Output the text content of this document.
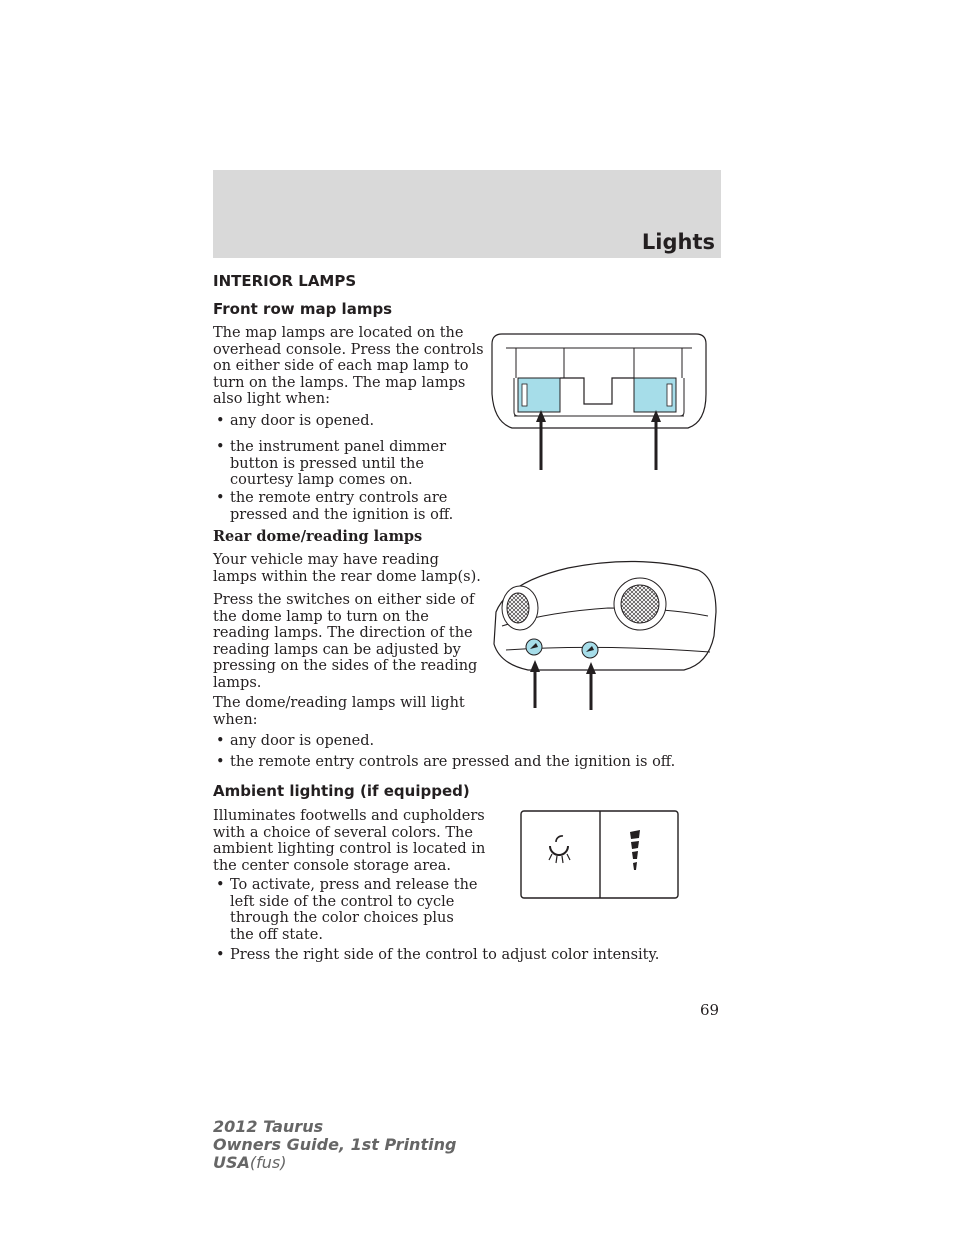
Lights
INTERIOR LAMPS
Front row map lamps
The map lamps are located on the
overhead console. Press the controls
on either side of each map lamp to
turn on the lamps. The map lamps
also light when:
• any door is opened.
• the instrument panel dimmer
button is pressed until the
courtesy lamp comes on.
• the remote entry controls are
pressed and the ignition is off.
Rear dome/reading lamps
Your vehicle may have reading
lamps within the rear dome lamp(s).
Press the switches on either side of
the dome lamp to turn on the
reading lamps. The direction of the
reading lamps can be adjusted by
pressing on the sides of the reading
lamps.
The dome/reading lamps will light
when:
• any door is opened.
• the remote entry controls are pressed and the ignition is off.
Ambient lighting (if equipped)
Illuminates footwells and cupholders
with a choice of several colors. The
ambient lighting control is located in
the center console storage area.
• To activate, press and release the
left side of the control to cycle
through the color choices plus
the off state.
• Press the right side of the control to adjust color intensity.
69
2012 Taurus
Owners Guide, 1st Printing
USA(fus)
